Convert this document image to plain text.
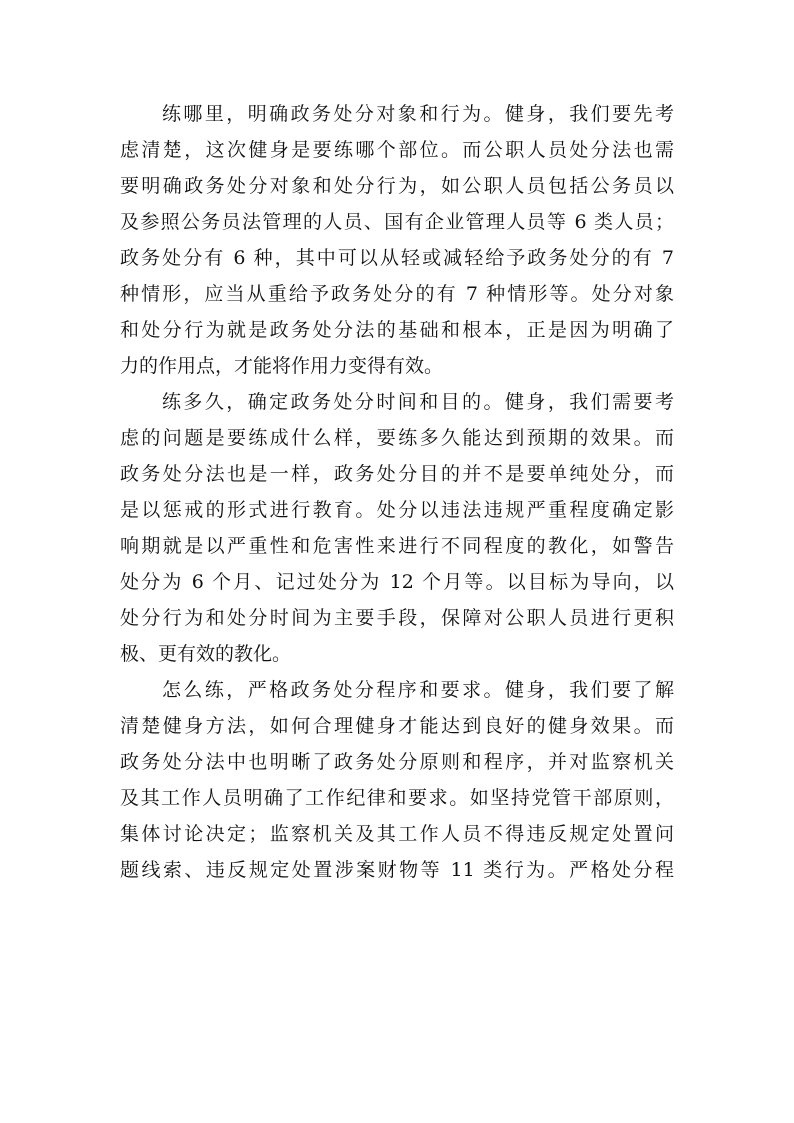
练哪里，明确政务处分对象和行为。健身，我们要先考
虑清楚，这次健身是要练哪个部位。而公职人员处分法也需
要明确政务处分对象和处分行为，如公职人员包括公务员以
及参照公务员法管理的人员、国有企业管理人员等 6 类人员；
政务处分有 6 种，其中可以从轻或减轻给予政务处分的有 7
种情形，应当从重给予政务处分的有 7 种情形等。处分对象
和处分行为就是政务处分法的基础和根本，正是因为明确了
力的作用点，才能将作用力变得有效。

练多久，确定政务处分时间和目的。健身，我们需要考
虑的问题是要练成什么样，要练多久能达到预期的效果。而
政务处分法也是一样，政务处分目的并不是要单纯处分，而
是以惩戒的形式进行教育。处分以违法违规严重程度确定影
响期就是以严重性和危害性来进行不同程度的教化，如警告
处分为 6 个月、记过处分为 12 个月等。以目标为导向，以
处分行为和处分时间为主要手段，保障对公职人员进行更积
极、更有效的教化。

怎么练，严格政务处分程序和要求。健身，我们要了解
清楚健身方法，如何合理健身才能达到良好的健身效果。而
政务处分法中也明晰了政务处分原则和程序，并对监察机关
及其工作人员明确了工作纪律和要求。如坚持党管干部原则，
集体讨论决定；监察机关及其工作人员不得违反规定处置问
题线索、违反规定处置涉案财物等 11 类行为。严格处分程
